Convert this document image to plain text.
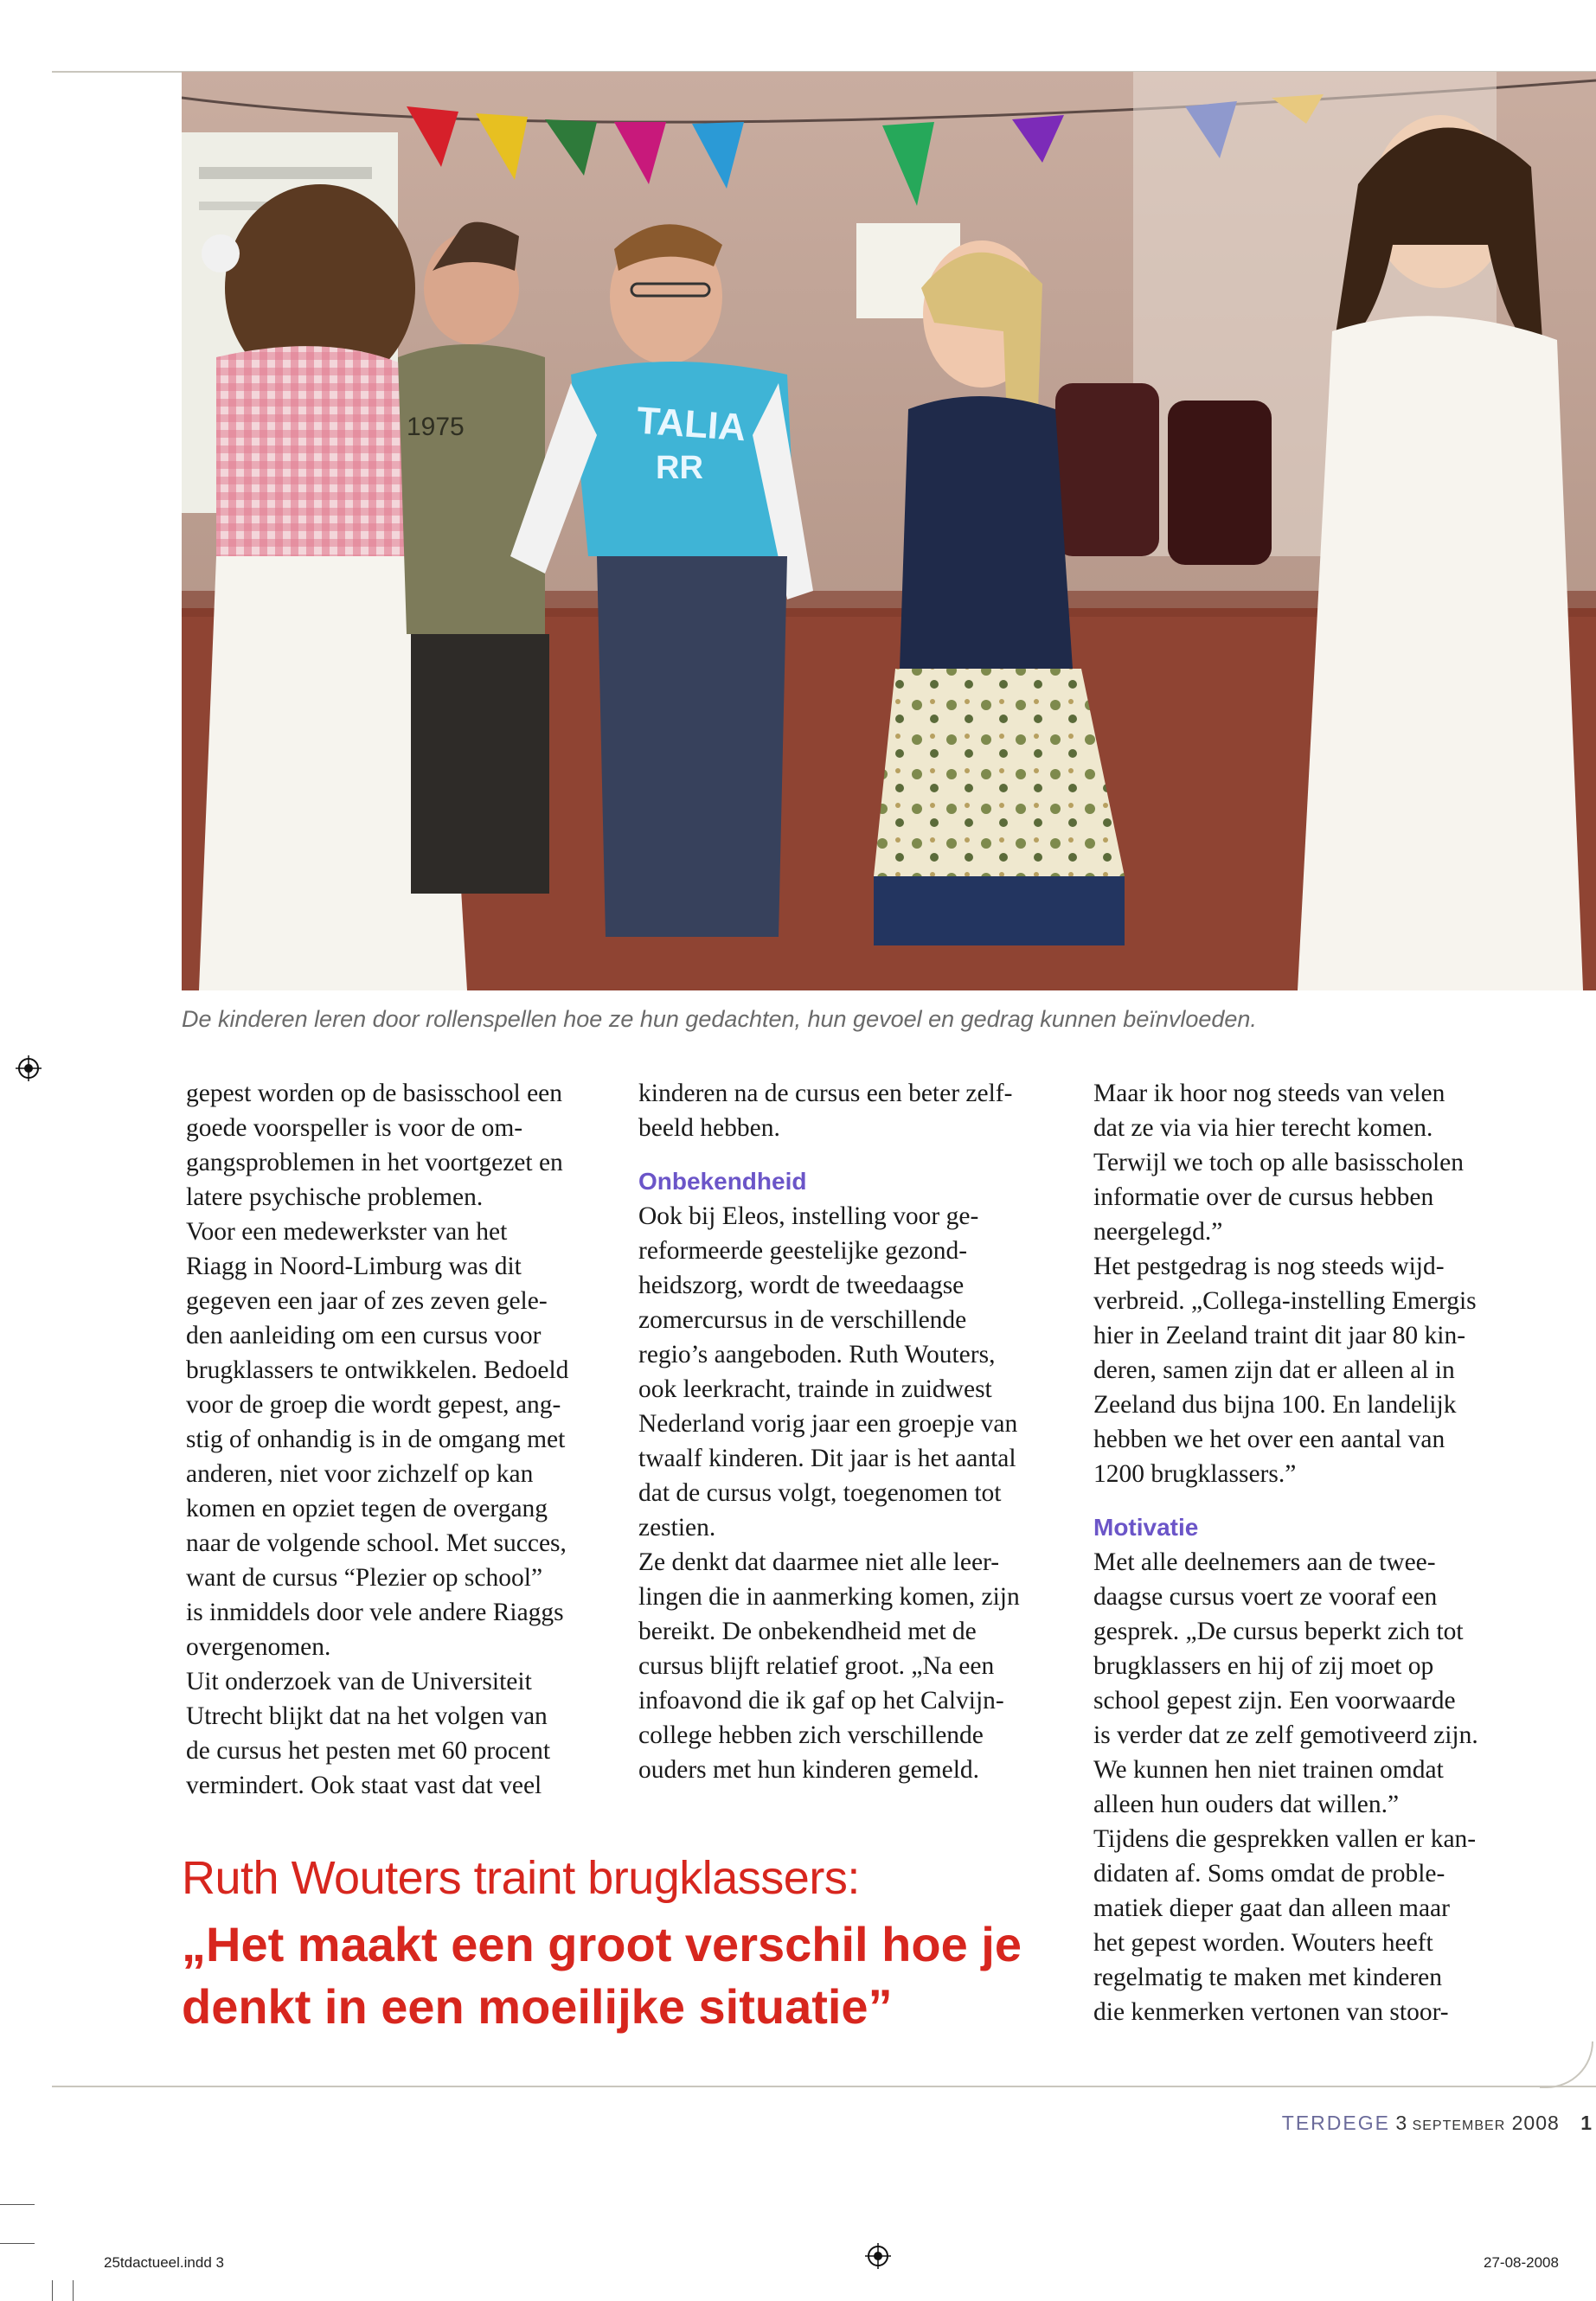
1975	TALIA
RR
De kinderen leren door rollenspellen hoe ze hun gedachten, hun gevoel en gedrag kunnen beïnvloeden.
gepest worden op de basisschool een
goede voorspeller is voor de om-
gangsproblemen in het voortgezet en
latere psychische problemen.
Voor een medewerkster van het
Riagg in Noord-Limburg was dit
gegeven een jaar of zes zeven gele-
den aanleiding om een cursus voor
brugklassers te ontwikkelen. Bedoeld
voor de groep die wordt gepest, ang-
stig of onhandig is in de omgang met
anderen, niet voor zichzelf op kan
komen en opziet tegen de overgang
naar de volgende school. Met succes,
want de cursus “Plezier op school”
is inmiddels door vele andere Riaggs
overgenomen.
Uit onderzoek van de Universiteit
Utrecht blijkt dat na het volgen van
de cursus het pesten met 60 procent
vermindert. Ook staat vast dat veel
kinderen na de cursus een beter zelf-
beeld hebben.
Onbekendheid
Ook bij Eleos, instelling voor ge-
reformeerde geestelijke gezond-
heidszorg, wordt de tweedaagse
zomercursus in de verschillende
regio’s aangeboden. Ruth Wouters,
ook leerkracht, trainde in zuidwest
Nederland vorig jaar een groepje van
twaalf kinderen. Dit jaar is het aantal
dat de cursus volgt, toegenomen tot
zestien.
Ze denkt dat daarmee niet alle leer-
lingen die in aanmerking komen, zijn
bereikt. De onbekendheid met de
cursus blijft relatief groot. „Na een
infoavond die ik gaf op het Calvijn-
college hebben zich verschillende
ouders met hun kinderen gemeld.
Maar ik hoor nog steeds van velen
dat ze via via hier terecht komen.
Terwijl we toch op alle basisscholen
informatie over de cursus hebben
neergelegd.”
Het pestgedrag is nog steeds wijd-
verbreid. „Collega-instelling Emergis
hier in Zeeland traint dit jaar 80 kin-
deren, samen zijn dat er alleen al in
Zeeland dus bijna 100. En landelijk
hebben we het over een aantal van
1200 brugklassers.”
Motivatie
Met alle deelnemers aan de twee-
daagse cursus voert ze vooraf een
gesprek. „De cursus beperkt zich tot
brugklassers en hij of zij moet op
school gepest zijn. Een voorwaarde
is verder dat ze zelf gemotiveerd zijn.
We kunnen hen niet trainen omdat
alleen hun ouders dat willen.”
Tijdens die gesprekken vallen er kan-
didaten af. Soms omdat de proble-
matiek dieper gaat dan alleen maar
het gepest worden. Wouters heeft
regelmatig te maken met kinderen
die kenmerken vertonen van stoor-
Ruth Wouters traint brugklassers:
„Het maakt een groot verschil hoe je
denkt in een moeilijke situatie”
TERDEGE 3 september 2008 1
25tdactueel.indd 3	27-08-2008
